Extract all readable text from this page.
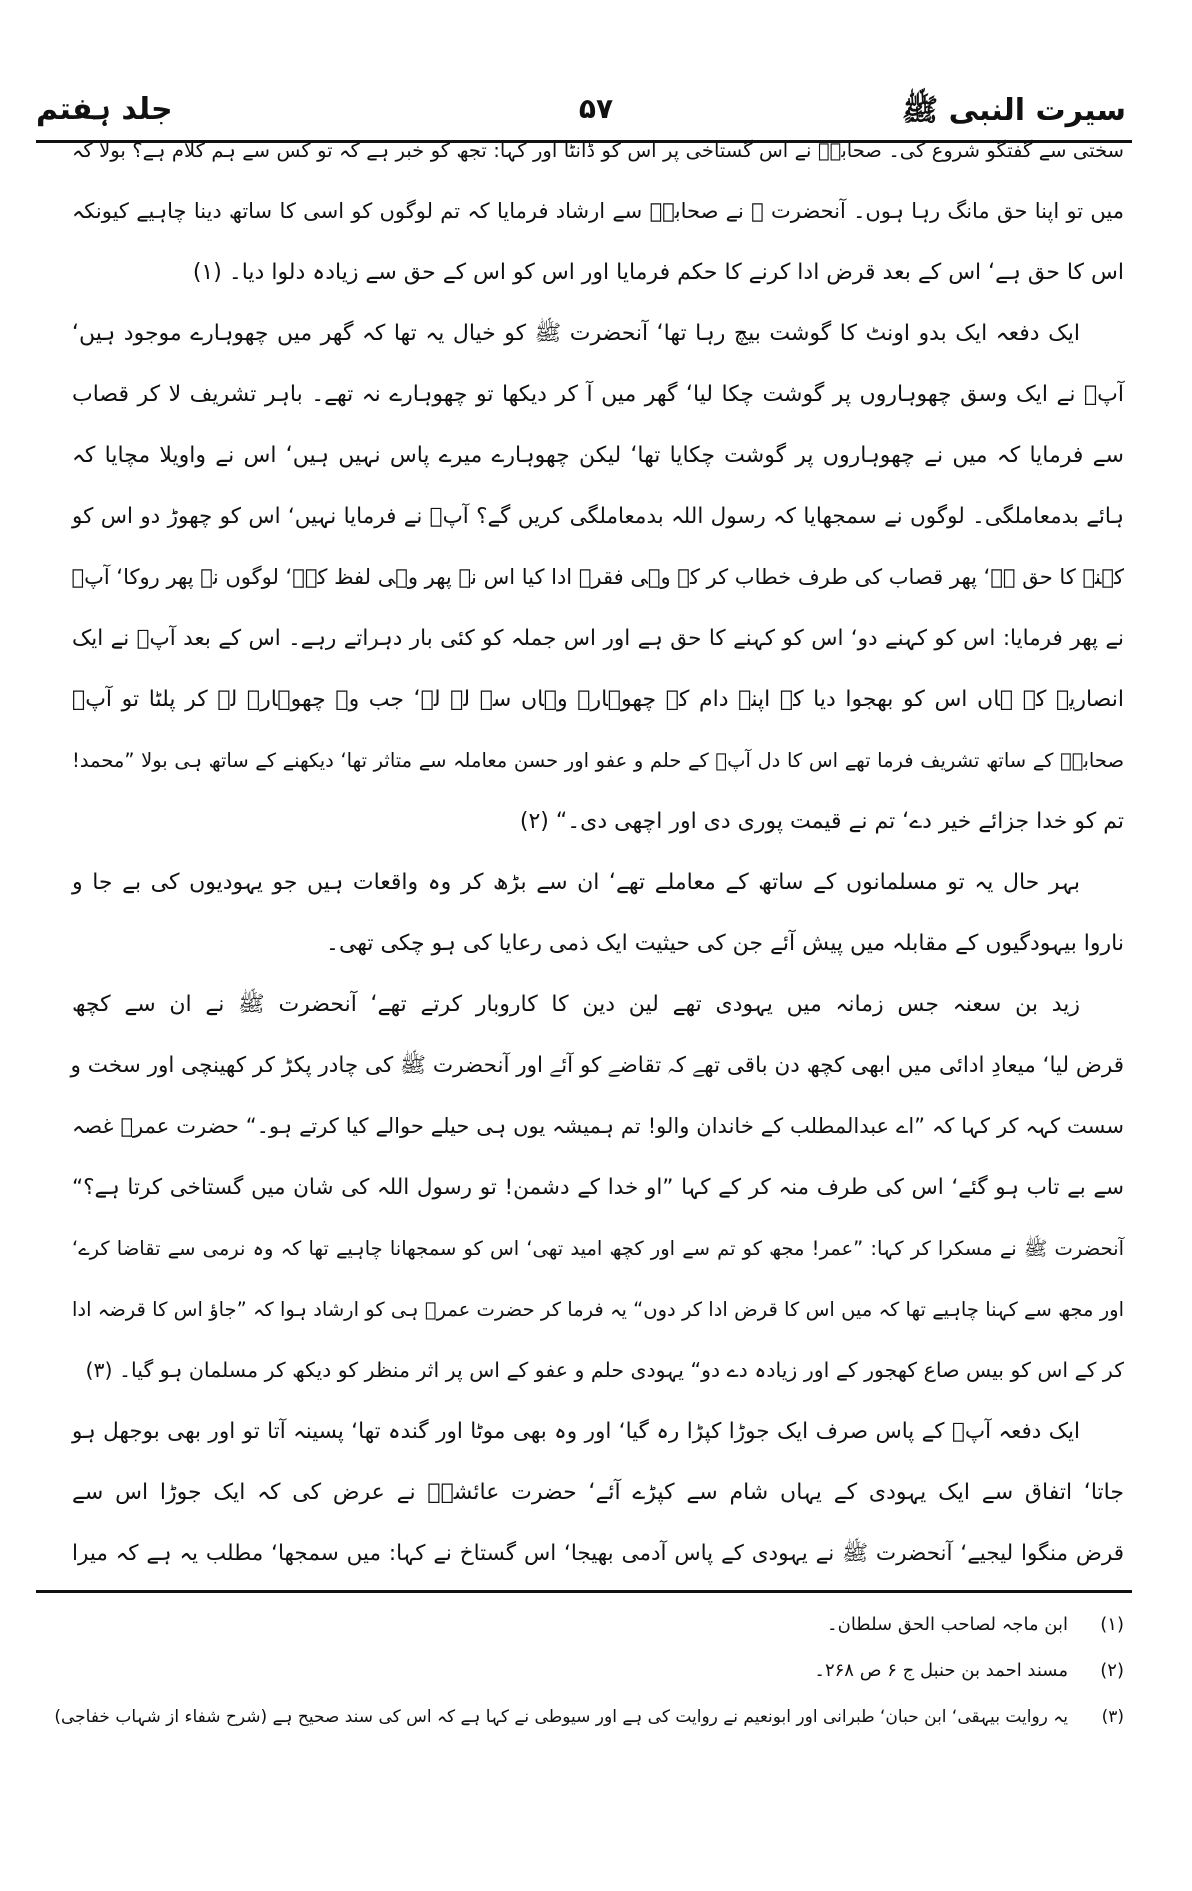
سیرت النبی ﷺ
۵۷
جلد ہفتم
سختی سے گفتگو شروع کی۔ صحابہؓ نے اس گستاخی پر اس کو ڈانٹا اور کہا: تجھ کو خبر ہے کہ تو کس سے ہم کلام ہے؟ بولا کہ
میں تو اپنا حق مانگ رہا ہوں۔ آنحضرت ﷺ نے صحابہؓ سے ارشاد فرمایا کہ تم لوگوں کو اسی کا ساتھ دینا چاہیے کیونکہ
اس کا حق ہے‘ اس کے بعد قرض ادا کرنے کا حکم فرمایا اور اس کو اس کے حق سے زیادہ دلوا دیا۔ (۱)
ایک دفعہ ایک بدو اونٹ کا گوشت بیچ رہا تھا‘ آنحضرت ﷺ کو خیال یہ تھا کہ گھر میں چھوہارے موجود ہیں‘
آپؐ نے ایک وسق چھوہاروں پر گوشت چکا لیا‘ گھر میں آ کر دیکھا تو چھوہارے نہ تھے۔ باہر تشریف لا کر قصاب
سے فرمایا کہ میں نے چھوہاروں پر گوشت چکایا تھا‘ لیکن چھوہارے میرے پاس نہیں ہیں‘ اس نے واویلا مچایا کہ
ہائے بدمعاملگی۔ لوگوں نے سمجھایا کہ رسول اللہ بدمعاملگی کریں گے؟ آپؐ نے فرمایا نہیں‘ اس کو چھوڑ دو اس کو
کہنے کا حق ہے‘ پھر قصاب کی طرف خطاب کر کے وہی فقرہ ادا کیا اس نے پھر وہی لفظ کہے‘ لوگوں نے پھر روکا‘ آپؐ
نے پھر فرمایا: اس کو کہنے دو‘ اس کو کہنے کا حق ہے اور اس جملہ کو کئی بار دہراتے رہے۔ اس کے بعد آپؐ نے ایک
انصاریہ کے ہاں اس کو بھجوا دیا کہ اپنے دام کے چھوہارے وہاں سے لے لے‘ جب وہ چھوہارے لے کر پلٹا تو آپؐ
صحابہؓ کے ساتھ تشریف فرما تھے اس کا دل آپؐ کے حلم و عفو اور حسن معاملہ سے متاثر تھا‘ دیکھنے کے ساتھ ہی بولا ”محمد!
تم کو خدا جزائے خیر دے‘ تم نے قیمت پوری دی اور اچھی دی۔“ (۲)
بہر حال یہ تو مسلمانوں کے ساتھ کے معاملے تھے‘ ان سے بڑھ کر وہ واقعات ہیں جو یہودیوں کی بے جا و
ناروا بیہودگیوں کے مقابلہ میں پیش آئے جن کی حیثیت ایک ذمی رعایا کی ہو چکی تھی۔
زید بن سعنہ جس زمانہ میں یہودی تھے لین دین کا کاروبار کرتے تھے‘ آنحضرت ﷺ نے ان سے کچھ
قرض لیا‘ میعادِ ادائی میں ابھی کچھ دن باقی تھے کہ تقاضے کو آئے اور آنحضرت ﷺ کی چادر پکڑ کر کھینچی اور سخت و
سست کہہ کر کہا کہ ”اے عبدالمطلب کے خاندان والو! تم ہمیشہ یوں ہی حیلے حوالے کیا کرتے ہو۔“ حضرت عمرؓ غصہ
سے بے تاب ہو گئے‘ اس کی طرف منہ کر کے کہا ”او خدا کے دشمن! تو رسول اللہ کی شان میں گستاخی کرتا ہے؟“
آنحضرت ﷺ نے مسکرا کر کہا: ”عمر! مجھ کو تم سے اور کچھ امید تھی‘ اس کو سمجھانا چاہیے تھا کہ وہ نرمی سے تقاضا کرے‘
اور مجھ سے کہنا چاہیے تھا کہ میں اس کا قرض ادا کر دوں“ یہ فرما کر حضرت عمرؓ ہی کو ارشاد ہوا کہ ”جاؤ اس کا قرضہ ادا
کر کے اس کو بیس صاع کھجور کے اور زیادہ دے دو“ یہودی حلم و عفو کے اس پر اثر منظر کو دیکھ کر مسلمان ہو گیا۔ (۳)
ایک دفعہ آپؐ کے پاس صرف ایک جوڑا کپڑا رہ گیا‘ اور وہ بھی موٹا اور گندہ تھا‘ پسینہ آتا تو اور بھی بوجھل ہو
جاتا‘ اتفاق سے ایک یہودی کے یہاں شام سے کپڑے آئے‘ حضرت عائشہؓ نے عرض کی کہ ایک جوڑا اس سے
قرض منگوا لیجیے‘ آنحضرت ﷺ نے یہودی کے پاس آدمی بھیجا‘ اس گستاخ نے کہا: میں سمجھا‘ مطلب یہ ہے کہ میرا
(۱)ابن ماجہ لصاحب الحق سلطان۔
(۲)مسند احمد بن حنبل ج ۶ ص ۲۶۸۔
(۳)یہ روایت بیہقی‘ ابن حبان‘ طبرانی اور ابونعیم نے روایت کی ہے اور سیوطی نے کہا ہے کہ اس کی سند صحیح ہے (شرح شفاء از شہاب خفاجی)
